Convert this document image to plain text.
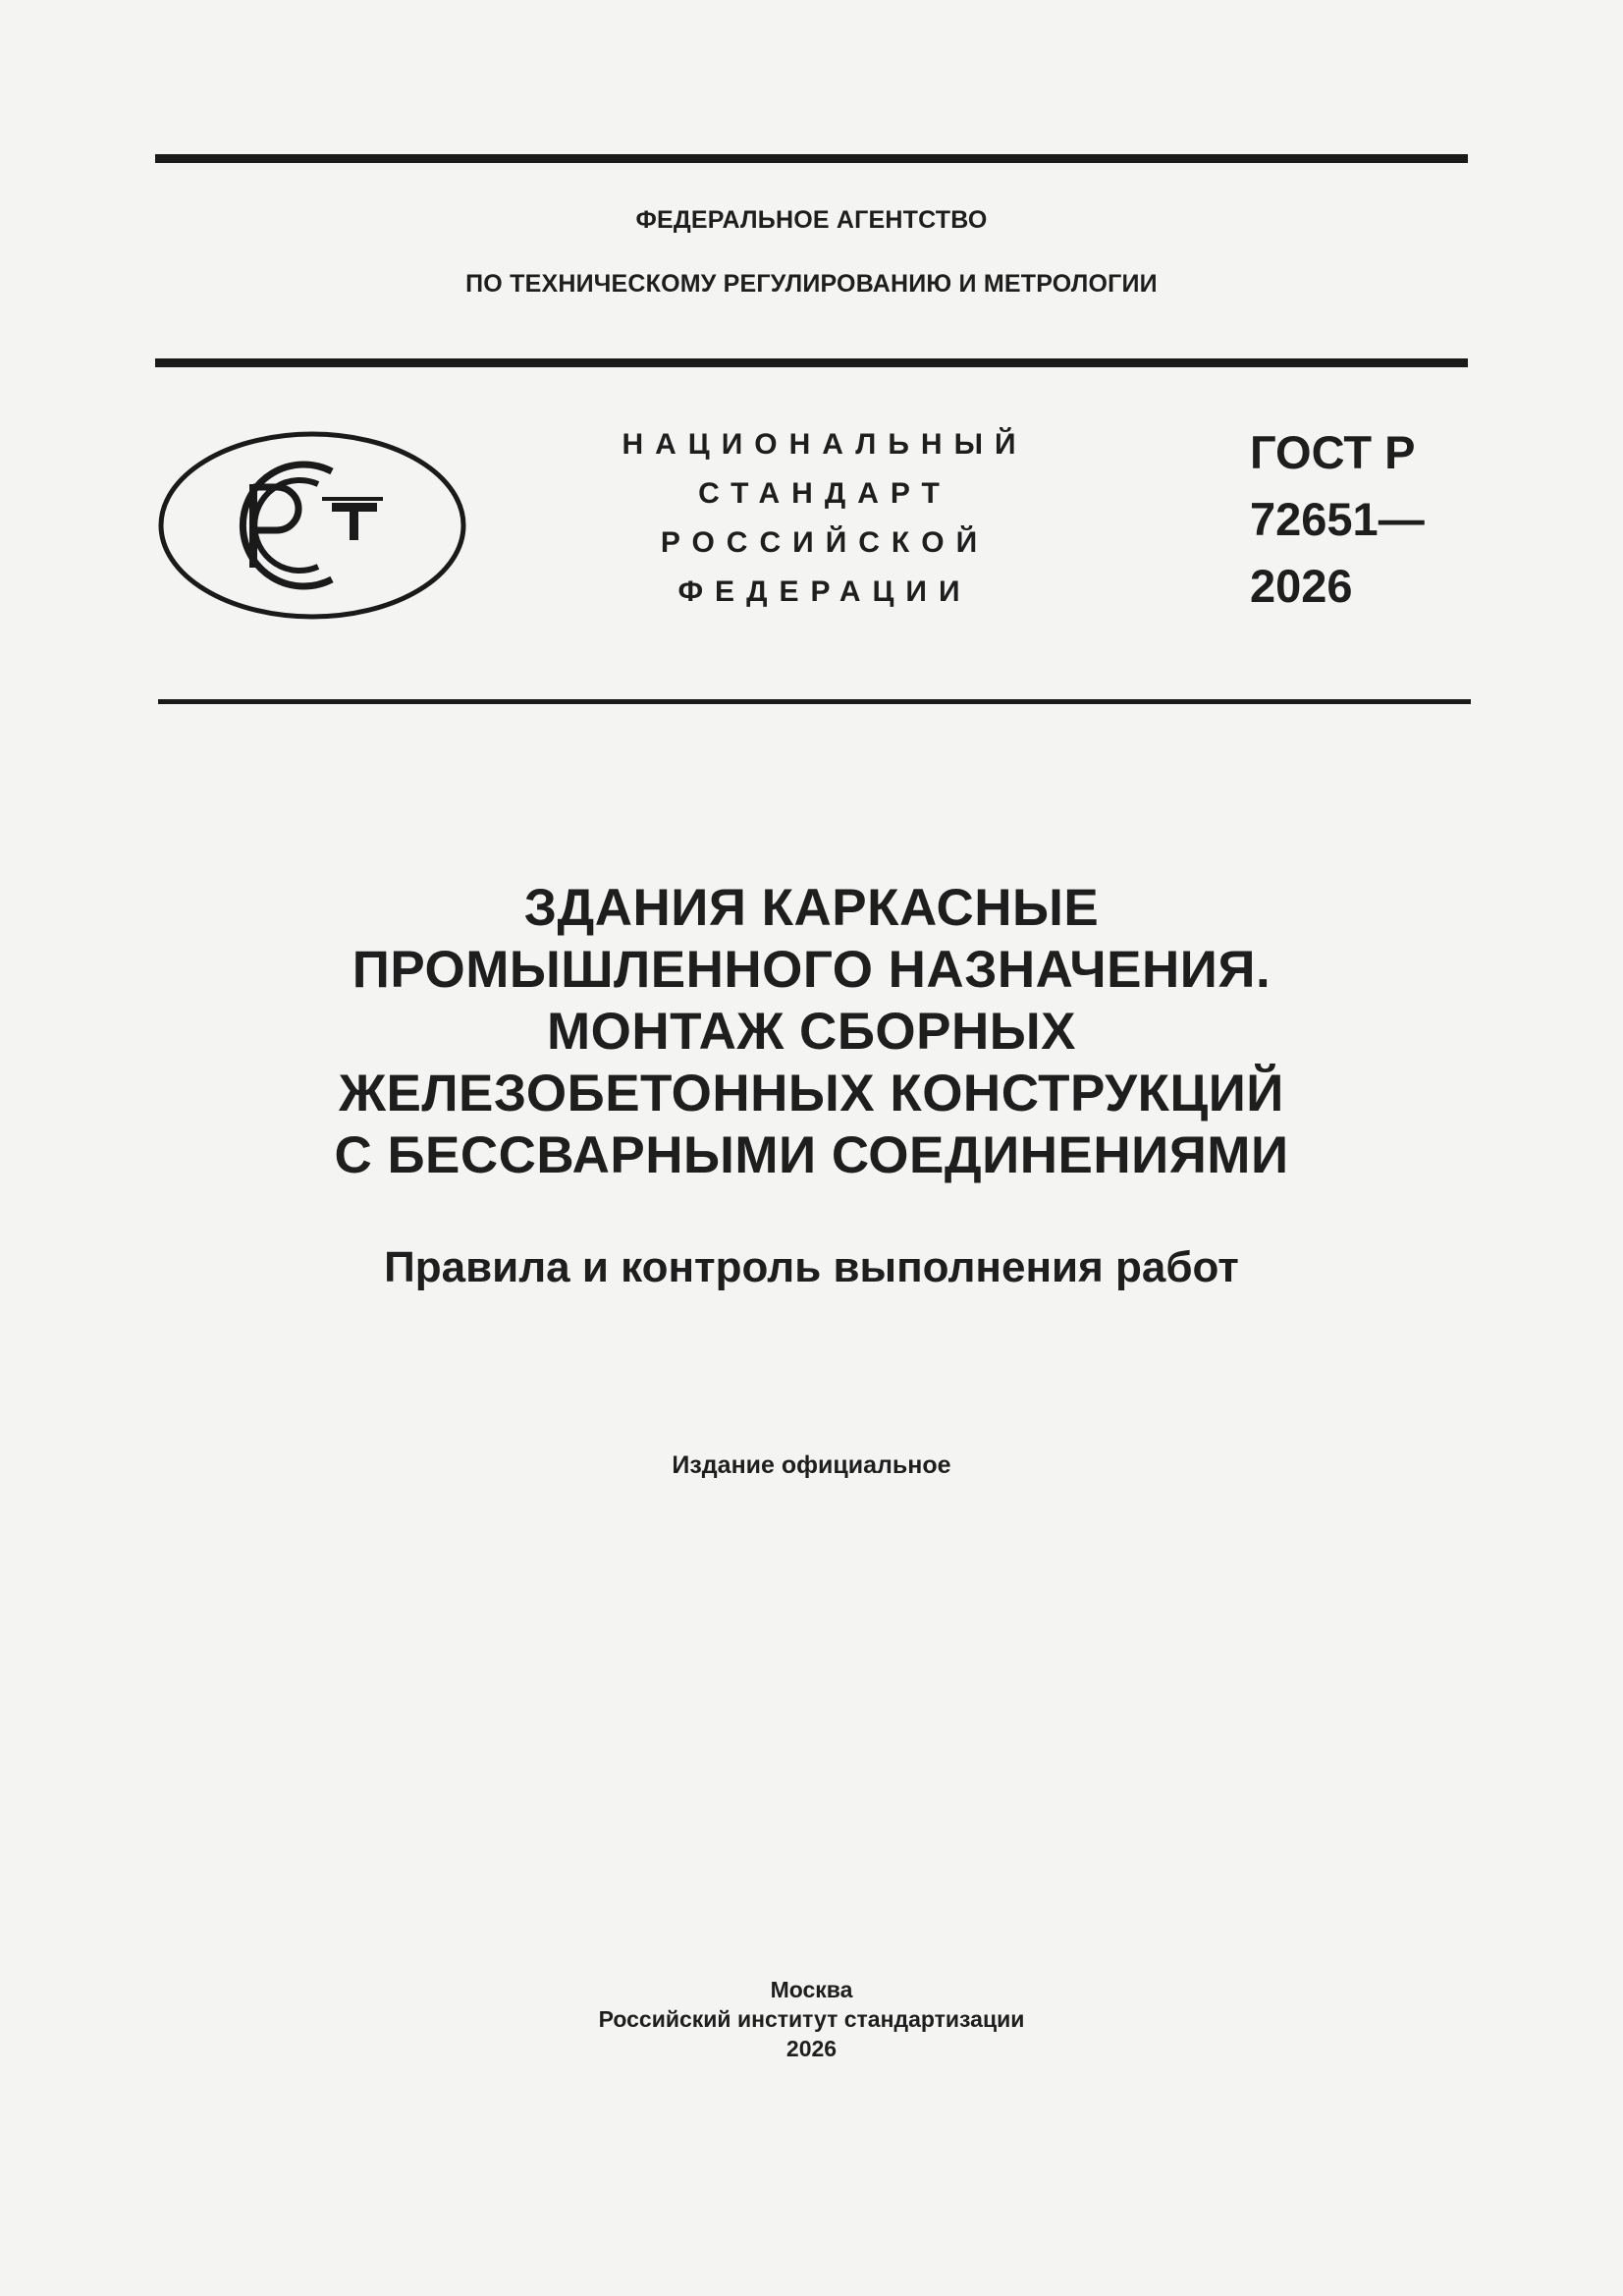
ФЕДЕРАЛЬНОЕ АГЕНТСТВО
ПО ТЕХНИЧЕСКОМУ РЕГУЛИРОВАНИЮ И МЕТРОЛОГИИ
НАЦИОНАЛЬНЫЙ
СТАНДАРТ
РОССИЙСКОЙ
ФЕДЕРАЦИИ
ГОСТ Р
72651—
2026
ЗДАНИЯ КАРКАСНЫЕ
ПРОМЫШЛЕННОГО НАЗНАЧЕНИЯ.
МОНТАЖ СБОРНЫХ
ЖЕЛЕЗОБЕТОННЫХ КОНСТРУКЦИЙ
С БЕССВАРНЫМИ СОЕДИНЕНИЯМИ
Правила и контроль выполнения работ
Издание официальное
Москва
Российский институт стандартизации
2026
